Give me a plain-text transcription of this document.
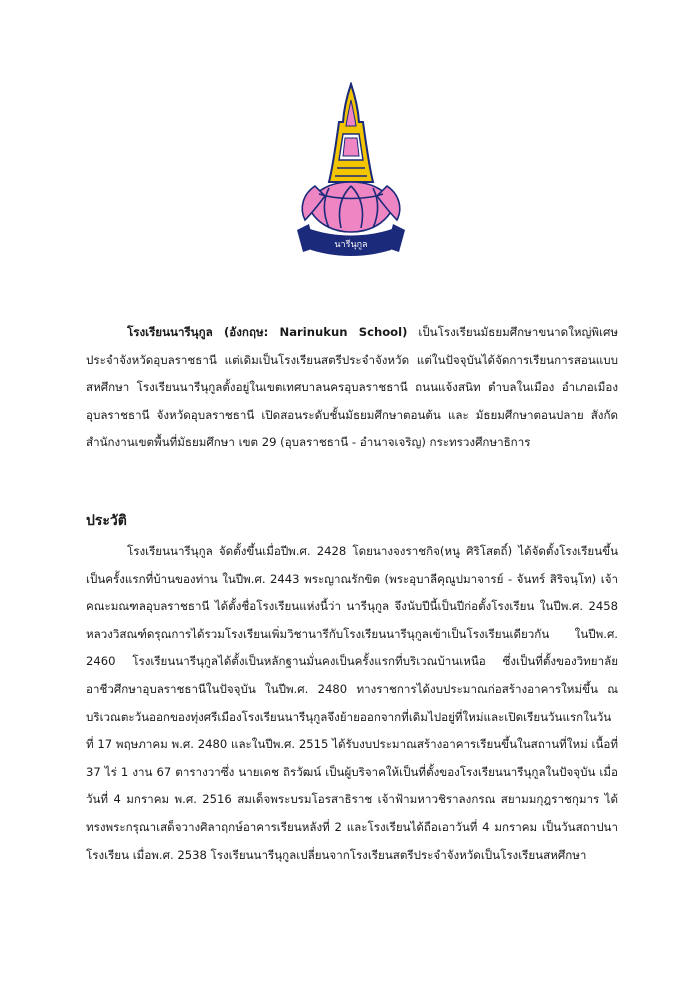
นารีนุกูล

โรงเรียนนารีนุกูล (อังกฤษ: Narinukun School) เป็นโรงเรียนมัธยมศึกษาขนาดใหญ่พิเศษประจำจังหวัดอุบลราชธานี แต่เดิมเป็นโรงเรียนสตรีประจำจังหวัด แต่ในปัจจุบันได้จัดการเรียนการสอนแบบสหศึกษา โรงเรียนนารีนุกูลตั้งอยู่ในเขตเทศบาลนครอุบลราชธานี ถนนแจ้งสนิท ตำบลในเมือง อำเภอเมืองอุบลราชธานี จังหวัดอุบลราชธานี เปิดสอนระดับชั้นมัธยมศึกษาตอนต้น และ มัธยมศึกษาตอนปลาย สังกัดสำนักงานเขตพื้นที่มัธยมศึกษา เขต 29 (อุบลราชธานี - อำนาจเจริญ) กระทรวงศึกษาธิการ

ประวัติ

โรงเรียนนารีนุกูล จัดตั้งขึ้นเมื่อปีพ.ศ. 2428 โดยนางจงราชกิจ(หนู ศิริโสตถิ์) ได้จัดตั้งโรงเรียนขึ้นเป็นครั้งแรกที่บ้านของท่าน ในปีพ.ศ. 2443 พระญาณรักขิต (พระอุบาลีคุณูปมาจารย์ - จันทร์ สิริจนฺโท) เจ้าคณะมณฑลอุบลราชธานี ได้ตั้งชื่อโรงเรียนแห่งนี้ว่า นารีนุกูล จึงนับปีนี้เป็นปีก่อตั้งโรงเรียน ในปีพ.ศ. 2458 หลวงวิสณฑ์ดรุณการได้รวมโรงเรียนเพิ่มวิชานารีกับโรงเรียนนารีนุกูลเข้าเป็นโรงเรียนเดียวกัน ในปีพ.ศ. 2460 โรงเรียนนารีนุกูลได้ตั้งเป็นหลักฐานมั่นคงเป็นครั้งแรกที่บริเวณบ้านเหนือ ซึ่งเป็นที่ตั้งของวิทยาลัยอาชีวศึกษาอุบลราชธานีในปัจจุบัน ในปีพ.ศ. 2480 ทางราชการได้งบประมาณก่อสร้างอาคารใหม่ขึ้น ณ บริเวณตะวันออกของทุ่งศรีเมืองโรงเรียนนารีนุกูลจึงย้ายออกจากที่เดิมไปอยู่ที่ใหม่และเปิดเรียนวันแรกในวันที่ 17 พฤษภาคม พ.ศ. 2480 และในปีพ.ศ. 2515 ได้รับงบประมาณสร้างอาคารเรียนขึ้นในสถานที่ใหม่ เนื้อที่ 37 ไร่ 1 งาน 67 ตารางวาซึ่ง นายเดช ถิรวัฒน์ เป็นผู้บริจาคให้เป็นที่ตั้งของโรงเรียนนารีนุกูลในปัจจุบัน เมื่อวันที่ 4 มกราคม พ.ศ. 2516 สมเด็จพระบรมโอรสาธิราช เจ้าฟ้ามหาวชิราลงกรณ สยามมกุฎราชกุมาร ได้ทรงพระกรุณาเสด็จวางศิลาฤกษ์อาคารเรียนหลังที่ 2 และโรงเรียนได้ถือเอาวันที่ 4 มกราคม เป็นวันสถาปนาโรงเรียน เมื่อพ.ศ. 2538 โรงเรียนนารีนุกูลเปลี่ยนจากโรงเรียนสตรีประจำจังหวัดเป็นโรงเรียนสหศึกษา
